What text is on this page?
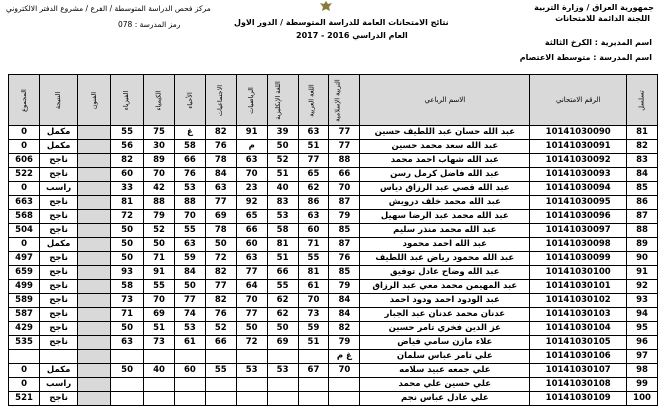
مركز فحص الدراسة المتوسطة / الفرع / مشروع الدفتر الالكتروني
رمز المدرسة : 078	نتائج الامتحانات العامة للدراسة المتوسطة / الدور الاول
العام الدراسي 2016 - 2017
جمهورية العراق / وزارة التربية
اللجنة الدائمة للامتحانات
اسم المديرية : الكرخ الثالثة
اسم المدرسة : متوسطة الاعتصام
تسلسل	الرقم الامتحاني	الاسم الرباعي	التربية الإسلامية	اللغة العربية	اللغة الإنكليزية	الرياضيات	الاجتماعيات	الأحياء	الكيمياء	الفيزياء	الفنون	النتيجة	المجموع
81	10141030090	عبد الله حسان عبد اللطيف حسين	77	63	39	91	82	غ	75	55		مكمل	0
82	10141030091	عبد الله سعد محمد حسين	77	51	50	م	76	58	30	56		مكمل	0
83	10141030092	عبد الله شهاب احمد محمد	88	77	52	63	78	66	89	82		ناجح	606
84	10141030093	عبد الله فاضل كرمل رسن	66	65	51	70	84	76	70	60		ناجح	522
85	10141030094	عبد الله قصي عبد الرزاق دياس	70	62	40	23	63	53	42	33		راسب	0
86	10141030095	عبد الله محمد خلف درويش	87	86	83	92	77	88	88	81		ناجح	663
87	10141030096	عبد الله محمد عبد الرضا سهيل	79	63	53	65	69	70	79	72		ناجح	568
88	10141030097	عبد الله محمد منذر سليم	85	60	58	66	78	55	52	50		ناجح	504
89	10141030098	عبد الله احمد محمود	87	71	81	60	50	63	50	50		مكمل	0
90	10141030099	عبد الله محمود رياض عبد اللطيف	76	55	51	63	72	59	71	50		ناجح	497
91	10141030100	عبد الله وضاح عادل توفيق	85	81	66	77	82	84	91	93		ناجح	659
92	10141030101	عبد المهيمن محمد معي عبد الرزاق	79	61	55	64	77	50	55	58		ناجح	499
93	10141030102	عبد الودود احمد ودود احمد	84	70	62	70	82	77	70	73		ناجح	589
94	10141030103	عدنان محمد عدنان عبد الجبار	84	73	62	77	76	74	69	71		ناجح	587
95	10141030104	عز الدين فخري تامر حسين	82	59	50	50	52	53	51	50		ناجح	429
96	10141030105	علاء مازن سامي فياض	79	51	69	72	66	61	73	63		ناجح	535
97	10141030106	علي تامر عباس سلمان	غ م										
98	10141030107	علي جمعه عبيد سلامه	70	67	53	53	55	60	40	50		مكمل	0
99	10141030108	علي حسين علي محمد										راسب	0
100	10141030109	علي عادل عباس نجم										ناجح	521
